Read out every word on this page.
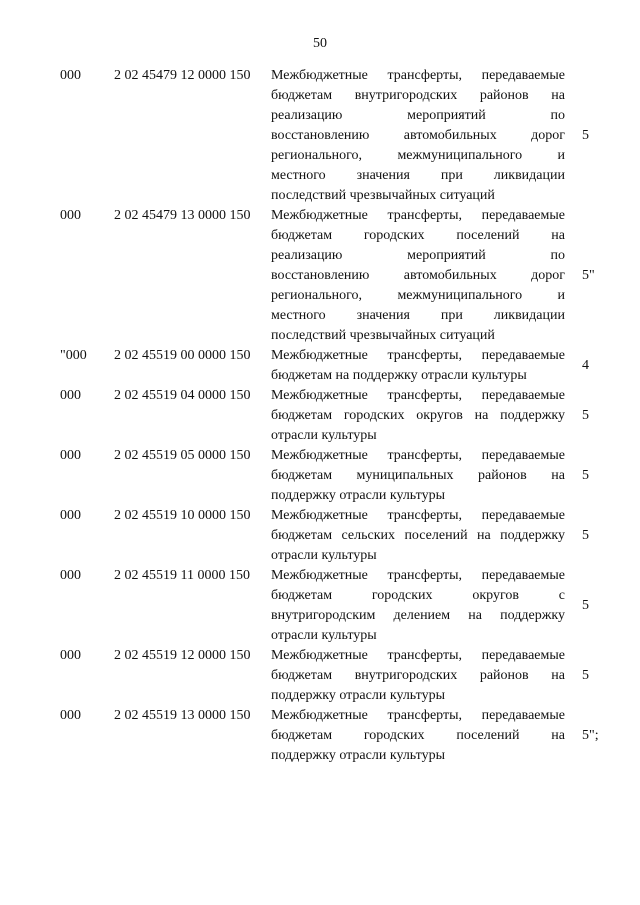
50
000 2 02 45479 12 0000 150 Межбюджетные трансферты, передаваемые
бюджетам внутригородских районов на
реализацию мероприятий по
восстановлению автомобильных дорог
регионального, межмуниципального и
местного значения при ликвидации
последствий чрезвычайных ситуаций
5
000 2 02 45479 13 0000 150 Межбюджетные трансферты, передаваемые
бюджетам городских поселений на
реализацию мероприятий по
восстановлению автомобильных дорог
регионального, межмуниципального и
местного значения при ликвидации
последствий чрезвычайных ситуаций
5"
"000 2 02 45519 00 0000 150 Межбюджетные трансферты, передаваемые
бюджетам на поддержку отрасли культуры
4
000 2 02 45519 04 0000 150 Межбюджетные трансферты, передаваемые
бюджетам городских округов на поддержку
отрасли культуры
5
000 2 02 45519 05 0000 150 Межбюджетные трансферты, передаваемые
бюджетам муниципальных районов на
поддержку отрасли культуры
5
000 2 02 45519 10 0000 150 Межбюджетные трансферты, передаваемые
бюджетам сельских поселений на поддержку
отрасли культуры
5
000 2 02 45519 11 0000 150 Межбюджетные трансферты, передаваемые
бюджетам городских округов с
внутригородским делением на поддержку
отрасли культуры
5
000 2 02 45519 12 0000 150 Межбюджетные трансферты, передаваемые
бюджетам внутригородских районов на
поддержку отрасли культуры
5
000 2 02 45519 13 0000 150 Межбюджетные трансферты, передаваемые
бюджетам городских поселений на
поддержку отрасли культуры
5";
